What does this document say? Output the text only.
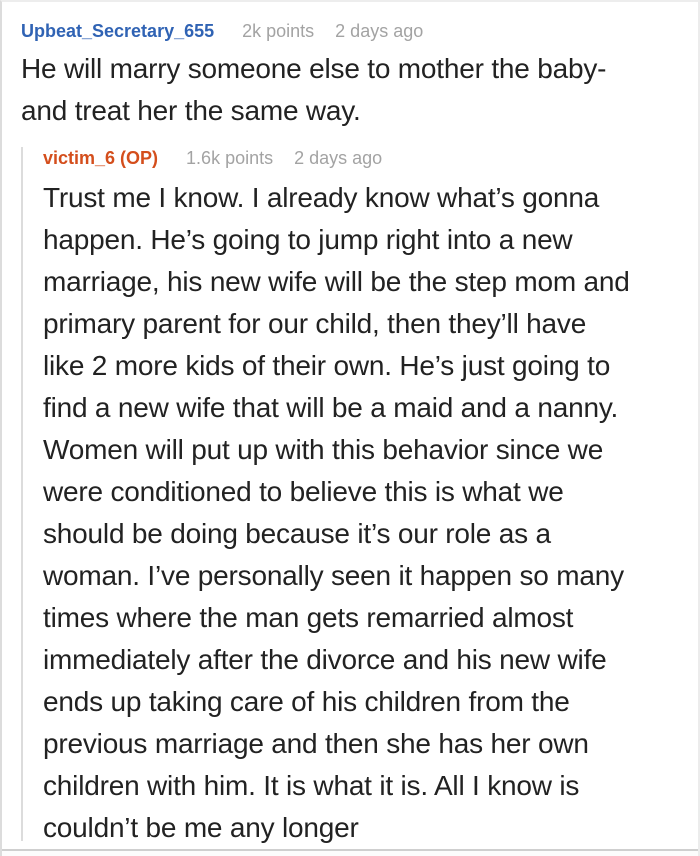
Upbeat_Secretary_655 2k points 2 days ago
He will marry someone else to mother the baby-
and treat her the same way.
victim_6 (OP) 1.6k points 2 days ago
Trust me I know. I already know what’s gonna
happen. He’s going to jump right into a new
marriage, his new wife will be the step mom and
primary parent for our child, then they’ll have
like 2 more kids of their own. He’s just going to
find a new wife that will be a maid and a nanny.
Women will put up with this behavior since we
were conditioned to believe this is what we
should be doing because it’s our role as a
woman. I’ve personally seen it happen so many
times where the man gets remarried almost
immediately after the divorce and his new wife
ends up taking care of his children from the
previous marriage and then she has her own
children with him. It is what it is. All I know is
couldn’t be me any longer
